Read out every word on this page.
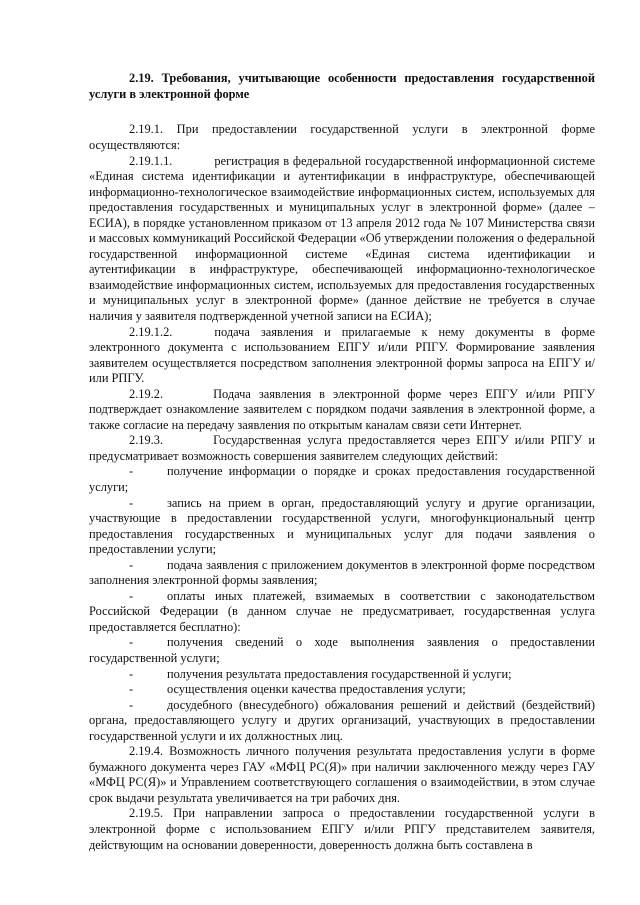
2.19. Требования, учитывающие особенности предоставления государственной услуги в электронной форме

2.19.1. При предоставлении государственной услуги в электронной форме осуществляются:

2.19.1.1.	регистрация в федеральной государственной информационной системе «Единая система идентификации и аутентификации в инфраструктуре, обеспечивающей информационно-технологическое взаимодействие информационных систем, используемых для предоставления государственных и муниципальных услуг в электронной форме» (далее – ЕСИА), в порядке установленном приказом от 13 апреля 2012 года № 107 Министерства связи и массовых коммуникаций Российской Федерации «Об утверждении положения о федеральной государственной информационной системе «Единая система идентификации и аутентификации в инфраструктуре, обеспечивающей информационно-технологическое взаимодействие информационных систем, используемых для предоставления государственных и муниципальных услуг в электронной форме» (данное действие не требуется в случае наличия у заявителя подтвержденной учетной записи на ЕСИА);

2.19.1.2.	подача заявления и прилагаемые к нему документы в форме электронного документа с использованием ЕПГУ и/или РПГУ. Формирование заявления заявителем осуществляется посредством заполнения электронной формы запроса на ЕПГУ и/или РПГУ.

2.19.2.	Подача заявления в электронной форме через ЕПГУ и/или РПГУ подтверждает ознакомление заявителем с порядком подачи заявления в электронной форме, а также согласие на передачу заявления по открытым каналам связи сети Интернет.

2.19.3.	Государственная услуга предоставляется через ЕПГУ и/или РПГУ и предусматривает возможность совершения заявителем следующих действий:

-	получение информации о порядке и сроках предоставления государственной услуги;

-	запись на прием в орган, предоставляющий услугу и другие организации, участвующие в предоставлении государственной услуги, многофункциональный центр предоставления государственных и муниципальных услуг для подачи заявления о предоставлении услуги;

-	подача заявления с приложением документов в электронной форме посредством заполнения электронной формы заявления;

-	оплаты иных платежей, взимаемых в соответствии с законодательством Российской Федерации (в данном случае не предусматривает, государственная услуга предоставляется бесплатно):

-	получения сведений о ходе выполнения заявления о предоставлении государственной услуги;

-	получения результата предоставления государственной й услуги;

-	осуществления оценки качества предоставления услуги;

-	досудебного (внесудебного) обжалования решений и действий (бездействий) органа, предоставляющего услугу и других организаций, участвующих в предоставлении государственной услуги и их должностных лиц.

2.19.4. Возможность личного получения результата предоставления услуги в форме бумажного документа через ГАУ «МФЦ РС(Я)» при наличии заключенного между через ГАУ «МФЦ РС(Я)» и Управлением соответствующего соглашения о взаимодействии, в этом случае срок выдачи результата увеличивается на три рабочих дня.

2.19.5. При направлении запроса о предоставлении государственной услуги в электронной форме с использованием ЕПГУ и/или РПГУ представителем заявителя, действующим на основании доверенности, доверенность должна быть составлена в
